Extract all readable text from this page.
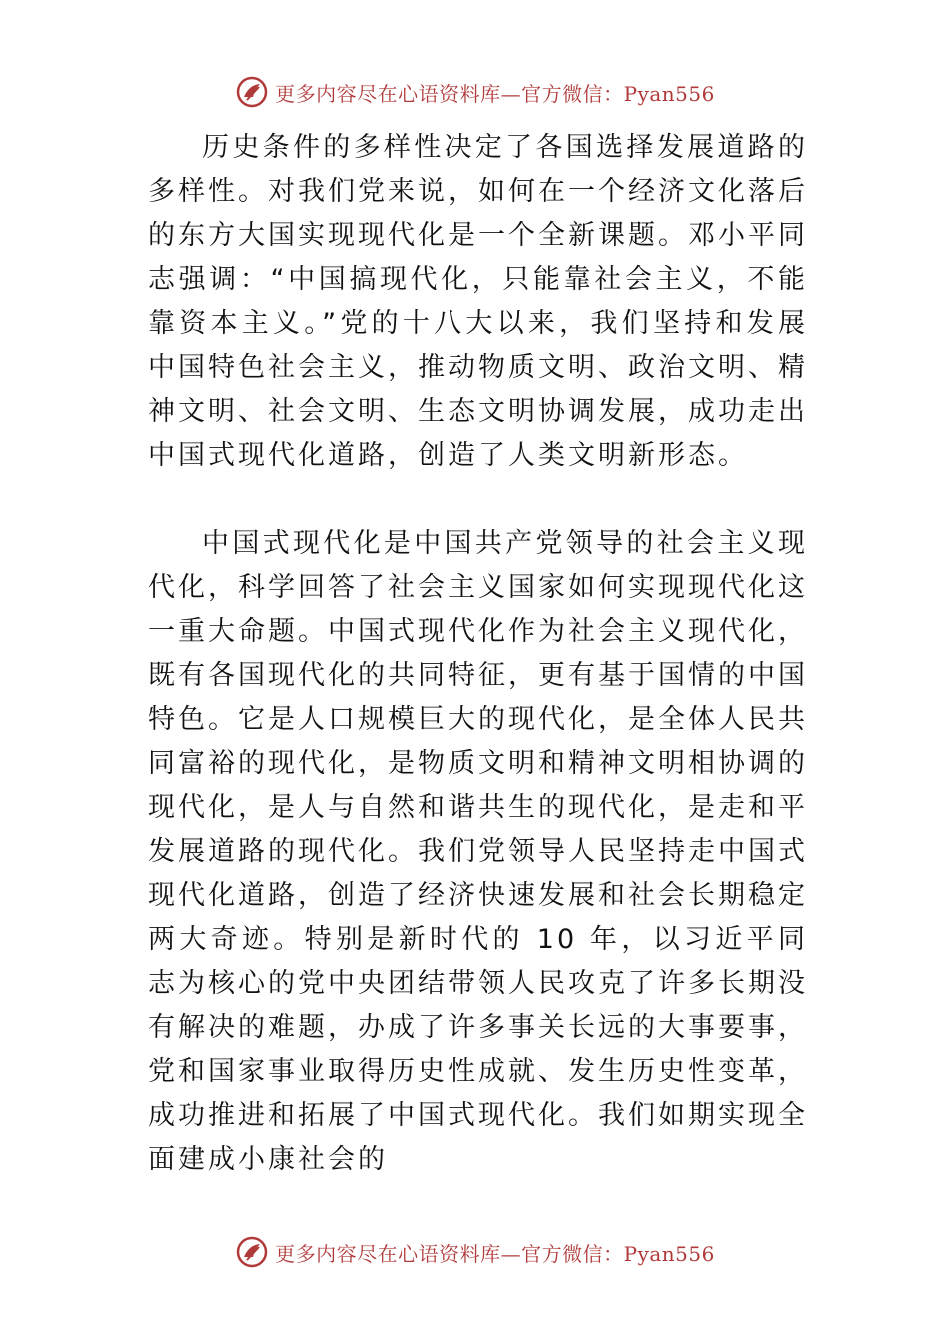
更多内容尽在心语资料库—官方微信：Pyan556

历史条件的多样性决定了各国选择发展道路的多样性。对我们党来说，如何在一个经济文化落后的东方大国实现现代化是一个全新课题。邓小平同志强调：“中国搞现代化，只能靠社会主义，不能靠资本主义。”党的十八大以来，我们坚持和发展中国特色社会主义，推动物质文明、政治文明、精神文明、社会文明、生态文明协调发展，成功走出中国式现代化道路，创造了人类文明新形态。

中国式现代化是中国共产党领导的社会主义现代化，科学回答了社会主义国家如何实现现代化这一重大命题。中国式现代化作为社会主义现代化，既有各国现代化的共同特征，更有基于国情的中国特色。它是人口规模巨大的现代化，是全体人民共同富裕的现代化，是物质文明和精神文明相协调的现代化，是人与自然和谐共生的现代化，是走和平发展道路的现代化。我们党领导人民坚持走中国式现代化道路，创造了经济快速发展和社会长期稳定两大奇迹。特别是新时代的 10 年，以习近平同志为核心的党中央团结带领人民攻克了许多长期没有解决的难题，办成了许多事关长远的大事要事，党和国家事业取得历史性成就、发生历史性变革，成功推进和拓展了中国式现代化。我们如期实现全面建成小康社会的

更多内容尽在心语资料库—官方微信：Pyan556
